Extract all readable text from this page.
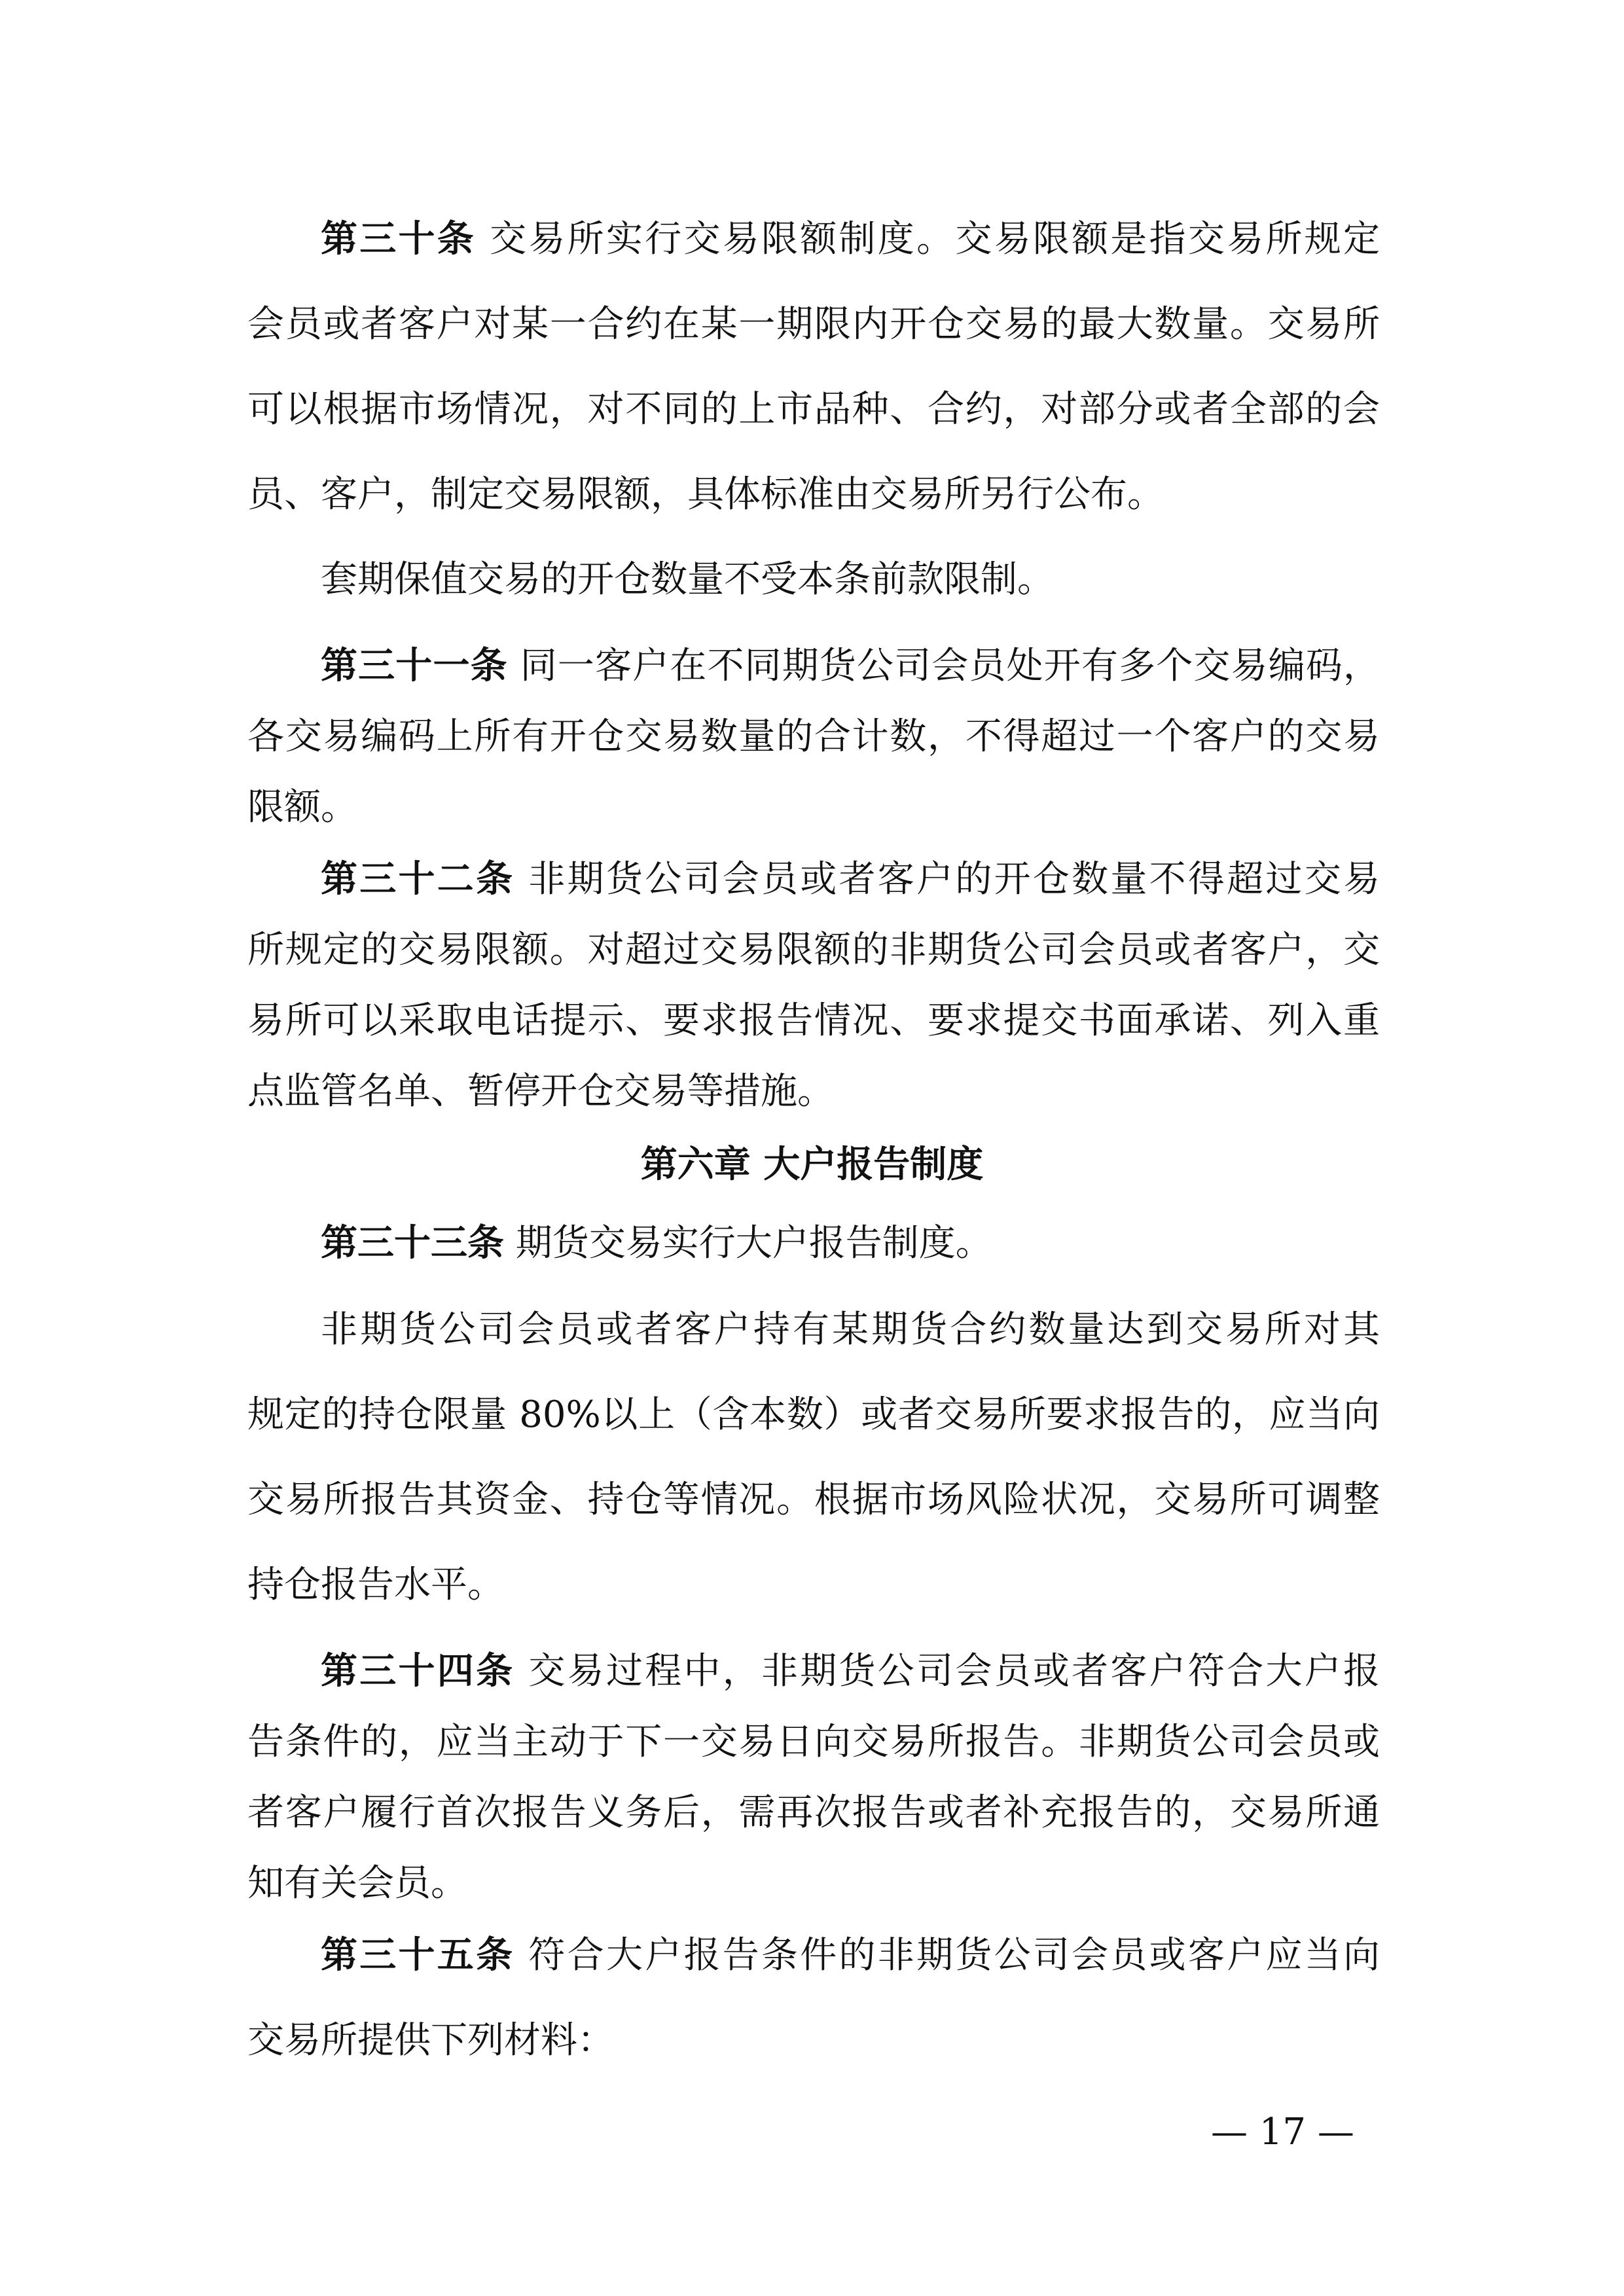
第三十条 交易所实行交易限额制度。交易限额是指交易所规定
会员或者客户对某一合约在某一期限内开仓交易的最大数量。交易所
可以根据市场情况，对不同的上市品种、合约，对部分或者全部的会
员、客户，制定交易限额，具体标准由交易所另行公布。
套期保值交易的开仓数量不受本条前款限制。
第三十一条 同一客户在不同期货公司会员处开有多个交易编码，
各交易编码上所有开仓交易数量的合计数，不得超过一个客户的交易
限额。
第三十二条 非期货公司会员或者客户的开仓数量不得超过交易
所规定的交易限额。对超过交易限额的非期货公司会员或者客户，交
易所可以采取电话提示、要求报告情况、要求提交书面承诺、列入重
点监管名单、暂停开仓交易等措施。
第六章 大户报告制度
第三十三条 期货交易实行大户报告制度。
非期货公司会员或者客户持有某期货合约数量达到交易所对其
规定的持仓限量 80%以上（含本数）或者交易所要求报告的，应当向
交易所报告其资金、持仓等情况。根据市场风险状况，交易所可调整
持仓报告水平。
第三十四条 交易过程中，非期货公司会员或者客户符合大户报
告条件的，应当主动于下一交易日向交易所报告。非期货公司会员或
者客户履行首次报告义务后，需再次报告或者补充报告的，交易所通
知有关会员。
第三十五条 符合大户报告条件的非期货公司会员或客户应当向
交易所提供下列材料：
— 17 —
